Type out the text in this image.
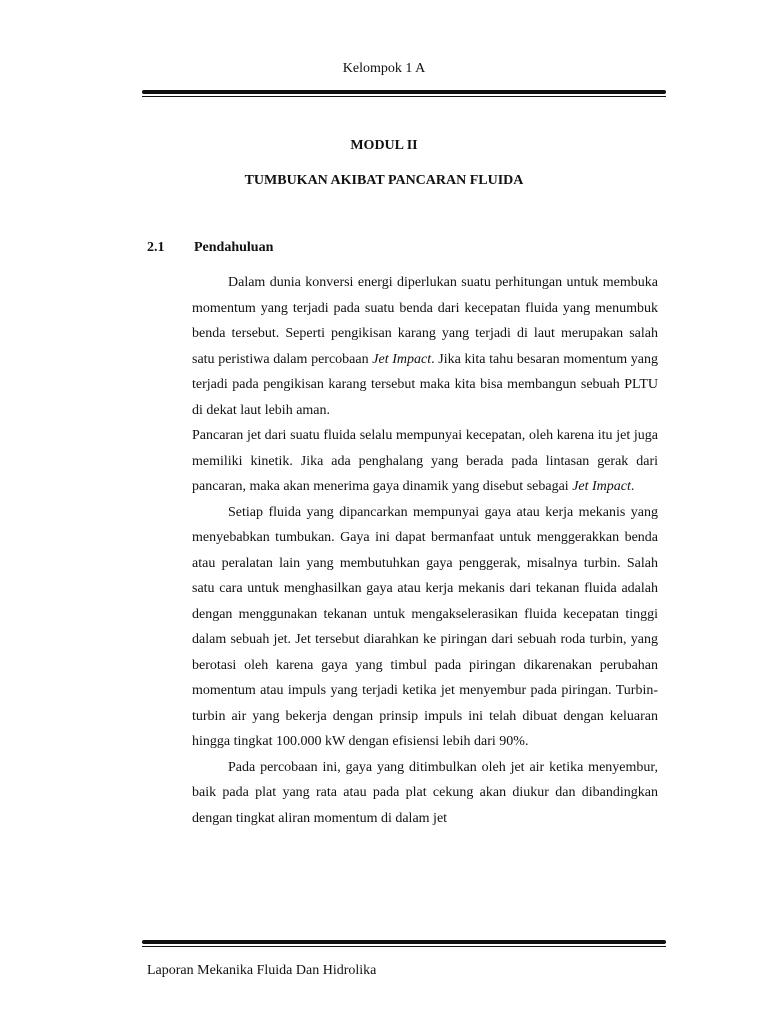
Kelompok 1 A
MODUL II
TUMBUKAN AKIBAT PANCARAN FLUIDA
2.1 Pendahuluan

Dalam dunia konversi energi diperlukan suatu perhitungan untuk membuka momentum yang terjadi pada suatu benda dari kecepatan fluida yang menumbuk benda tersebut. Seperti pengikisan karang yang terjadi di laut merupakan salah satu peristiwa dalam percobaan Jet Impact. Jika kita tahu besaran momentum yang terjadi pada pengikisan karang tersebut maka kita bisa membangun sebuah PLTU di dekat laut lebih aman.

Pancaran jet dari suatu fluida selalu mempunyai kecepatan, oleh karena itu jet juga memiliki kinetik. Jika ada penghalang yang berada pada lintasan gerak dari pancaran, maka akan menerima gaya dinamik yang disebut sebagai Jet Impact.

Setiap fluida yang dipancarkan mempunyai gaya atau kerja mekanis yang menyebabkan tumbukan. Gaya ini dapat bermanfaat untuk menggerakkan benda atau peralatan lain yang membutuhkan gaya penggerak, misalnya turbin. Salah satu cara untuk menghasilkan gaya atau kerja mekanis dari tekanan fluida adalah dengan menggunakan tekanan untuk mengakselerasikan fluida kecepatan tinggi dalam sebuah jet. Jet tersebut diarahkan ke piringan dari sebuah roda turbin, yang berotasi oleh karena gaya yang timbul pada piringan dikarenakan perubahan momentum atau impuls yang terjadi ketika jet menyembur pada piringan. Turbin-turbin air yang bekerja dengan prinsip impuls ini telah dibuat dengan keluaran hingga tingkat 100.000 kW dengan efisiensi lebih dari 90%.

Pada percobaan ini, gaya yang ditimbulkan oleh jet air ketika menyembur, baik pada plat yang rata atau pada plat cekung akan diukur dan dibandingkan dengan tingkat aliran momentum di dalam jet

Laporan Mekanika Fluida Dan Hidrolika
